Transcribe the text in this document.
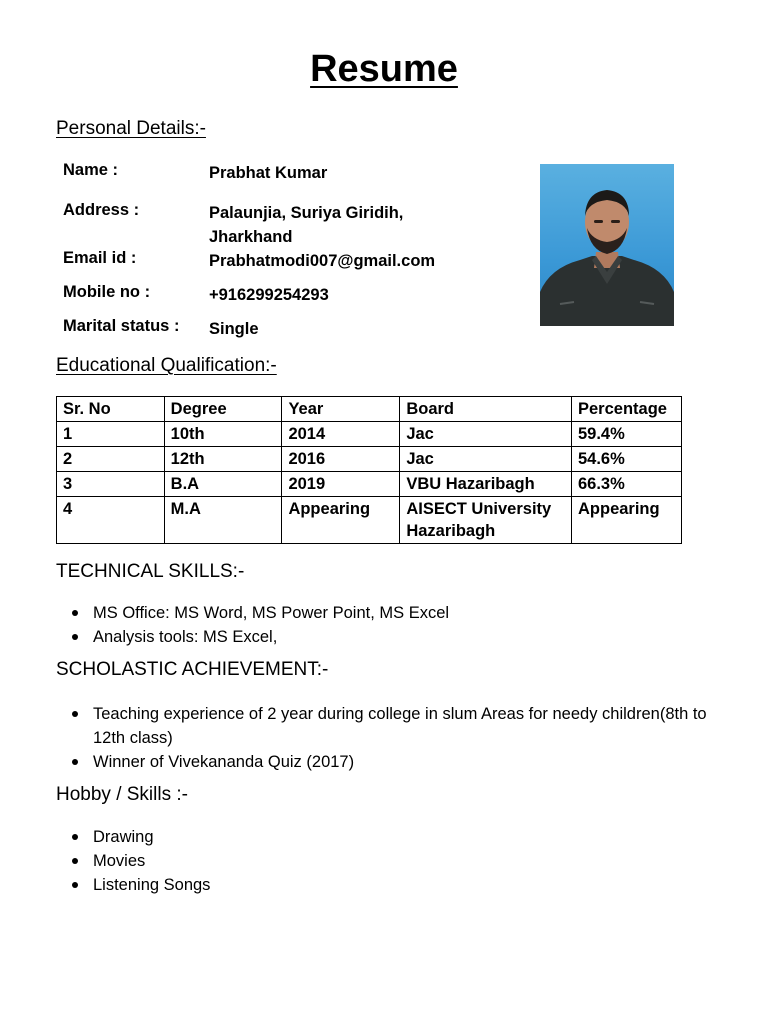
Resume
Personal Details:-
Name :	Prabhat Kumar
Address :	Palaunjia, Suriya Giridih, Jharkhand
Email id :	Prabhatmodi007@gmail.com
Mobile no :	+916299254293
Marital status : Single
Educational Qualification:-
Sr. No	Degree	Year	Board	Percentage
1	10th	2014	Jac	59.4%
2	12th	2016	Jac	54.6%
3	B.A	2019	VBU Hazaribagh	66.3%
4	M.A	Appearing	AISECT University Hazaribagh	Appearing
TECHNICAL SKILLS:-
MS Office: MS Word, MS Power Point, MS Excel
Analysis tools: MS Excel,
SCHOLASTIC ACHIEVEMENT:-
Teaching experience of 2 year during college in slum Areas for needy children(8th to 12th class)
Winner of Vivekananda Quiz (2017)
Hobby / Skills :-
Drawing
Movies
Listening Songs
